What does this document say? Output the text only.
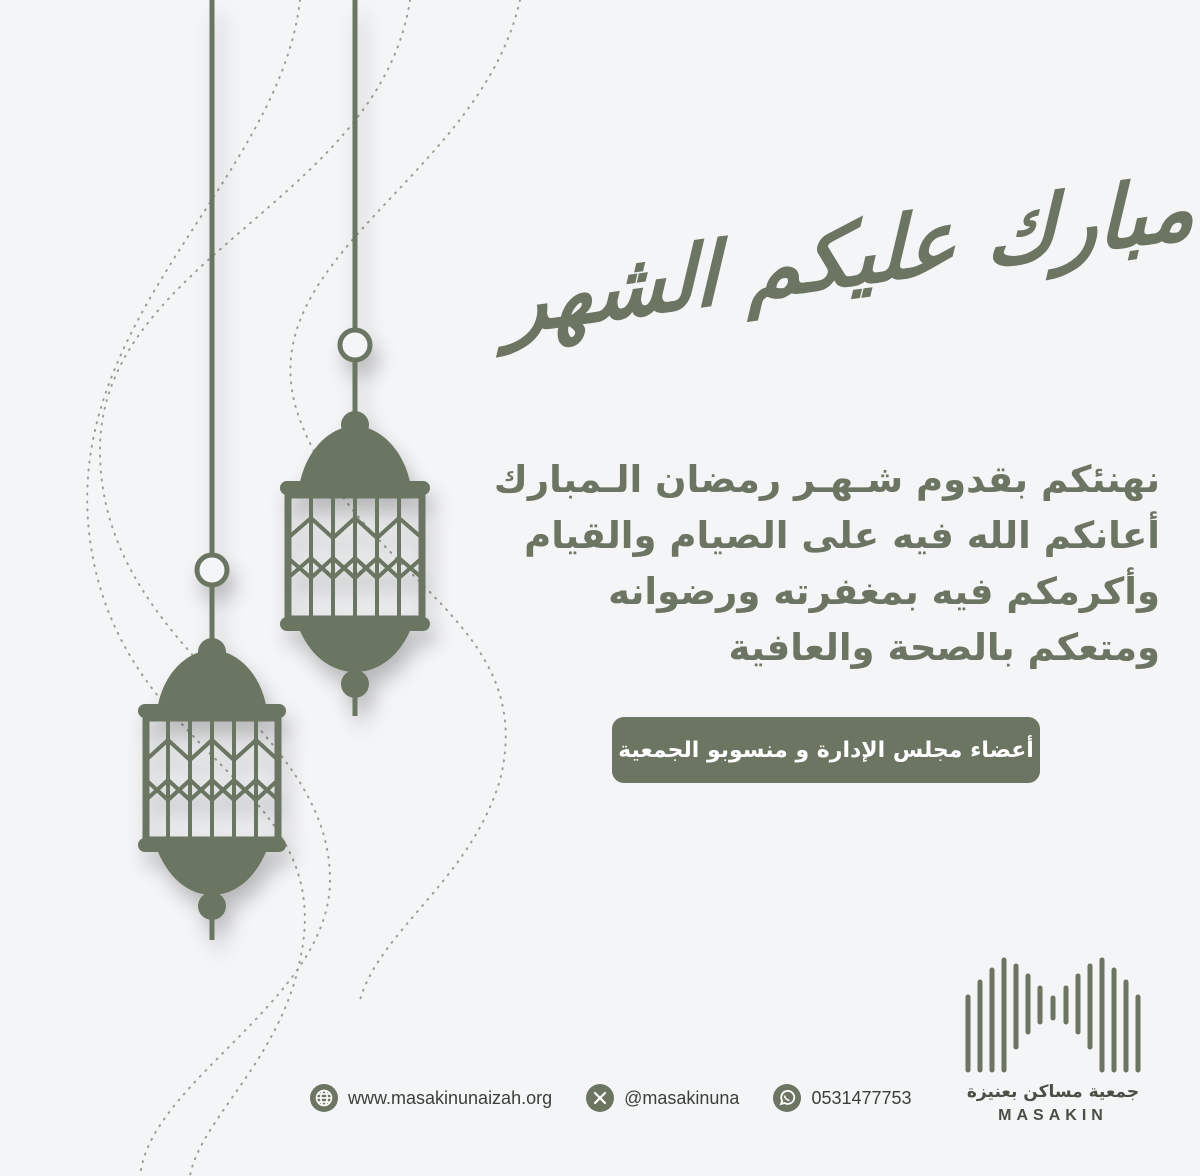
مبارك عليكم الشهر
نهنئكم بقدوم شـهـر رمضان الـمبارك
أعانكم الله فيه على الصيام والقيام
وأكرمكم فيه بمغفرته ورضوانه
ومتعكم بالصحة والعافية
أعضاء مجلس الإدارة و منسوبو الجمعية
www.masakinunaizah.org	@masakinuna	0531477753	جمعية مساكن بعنيزة
MASAKIN
